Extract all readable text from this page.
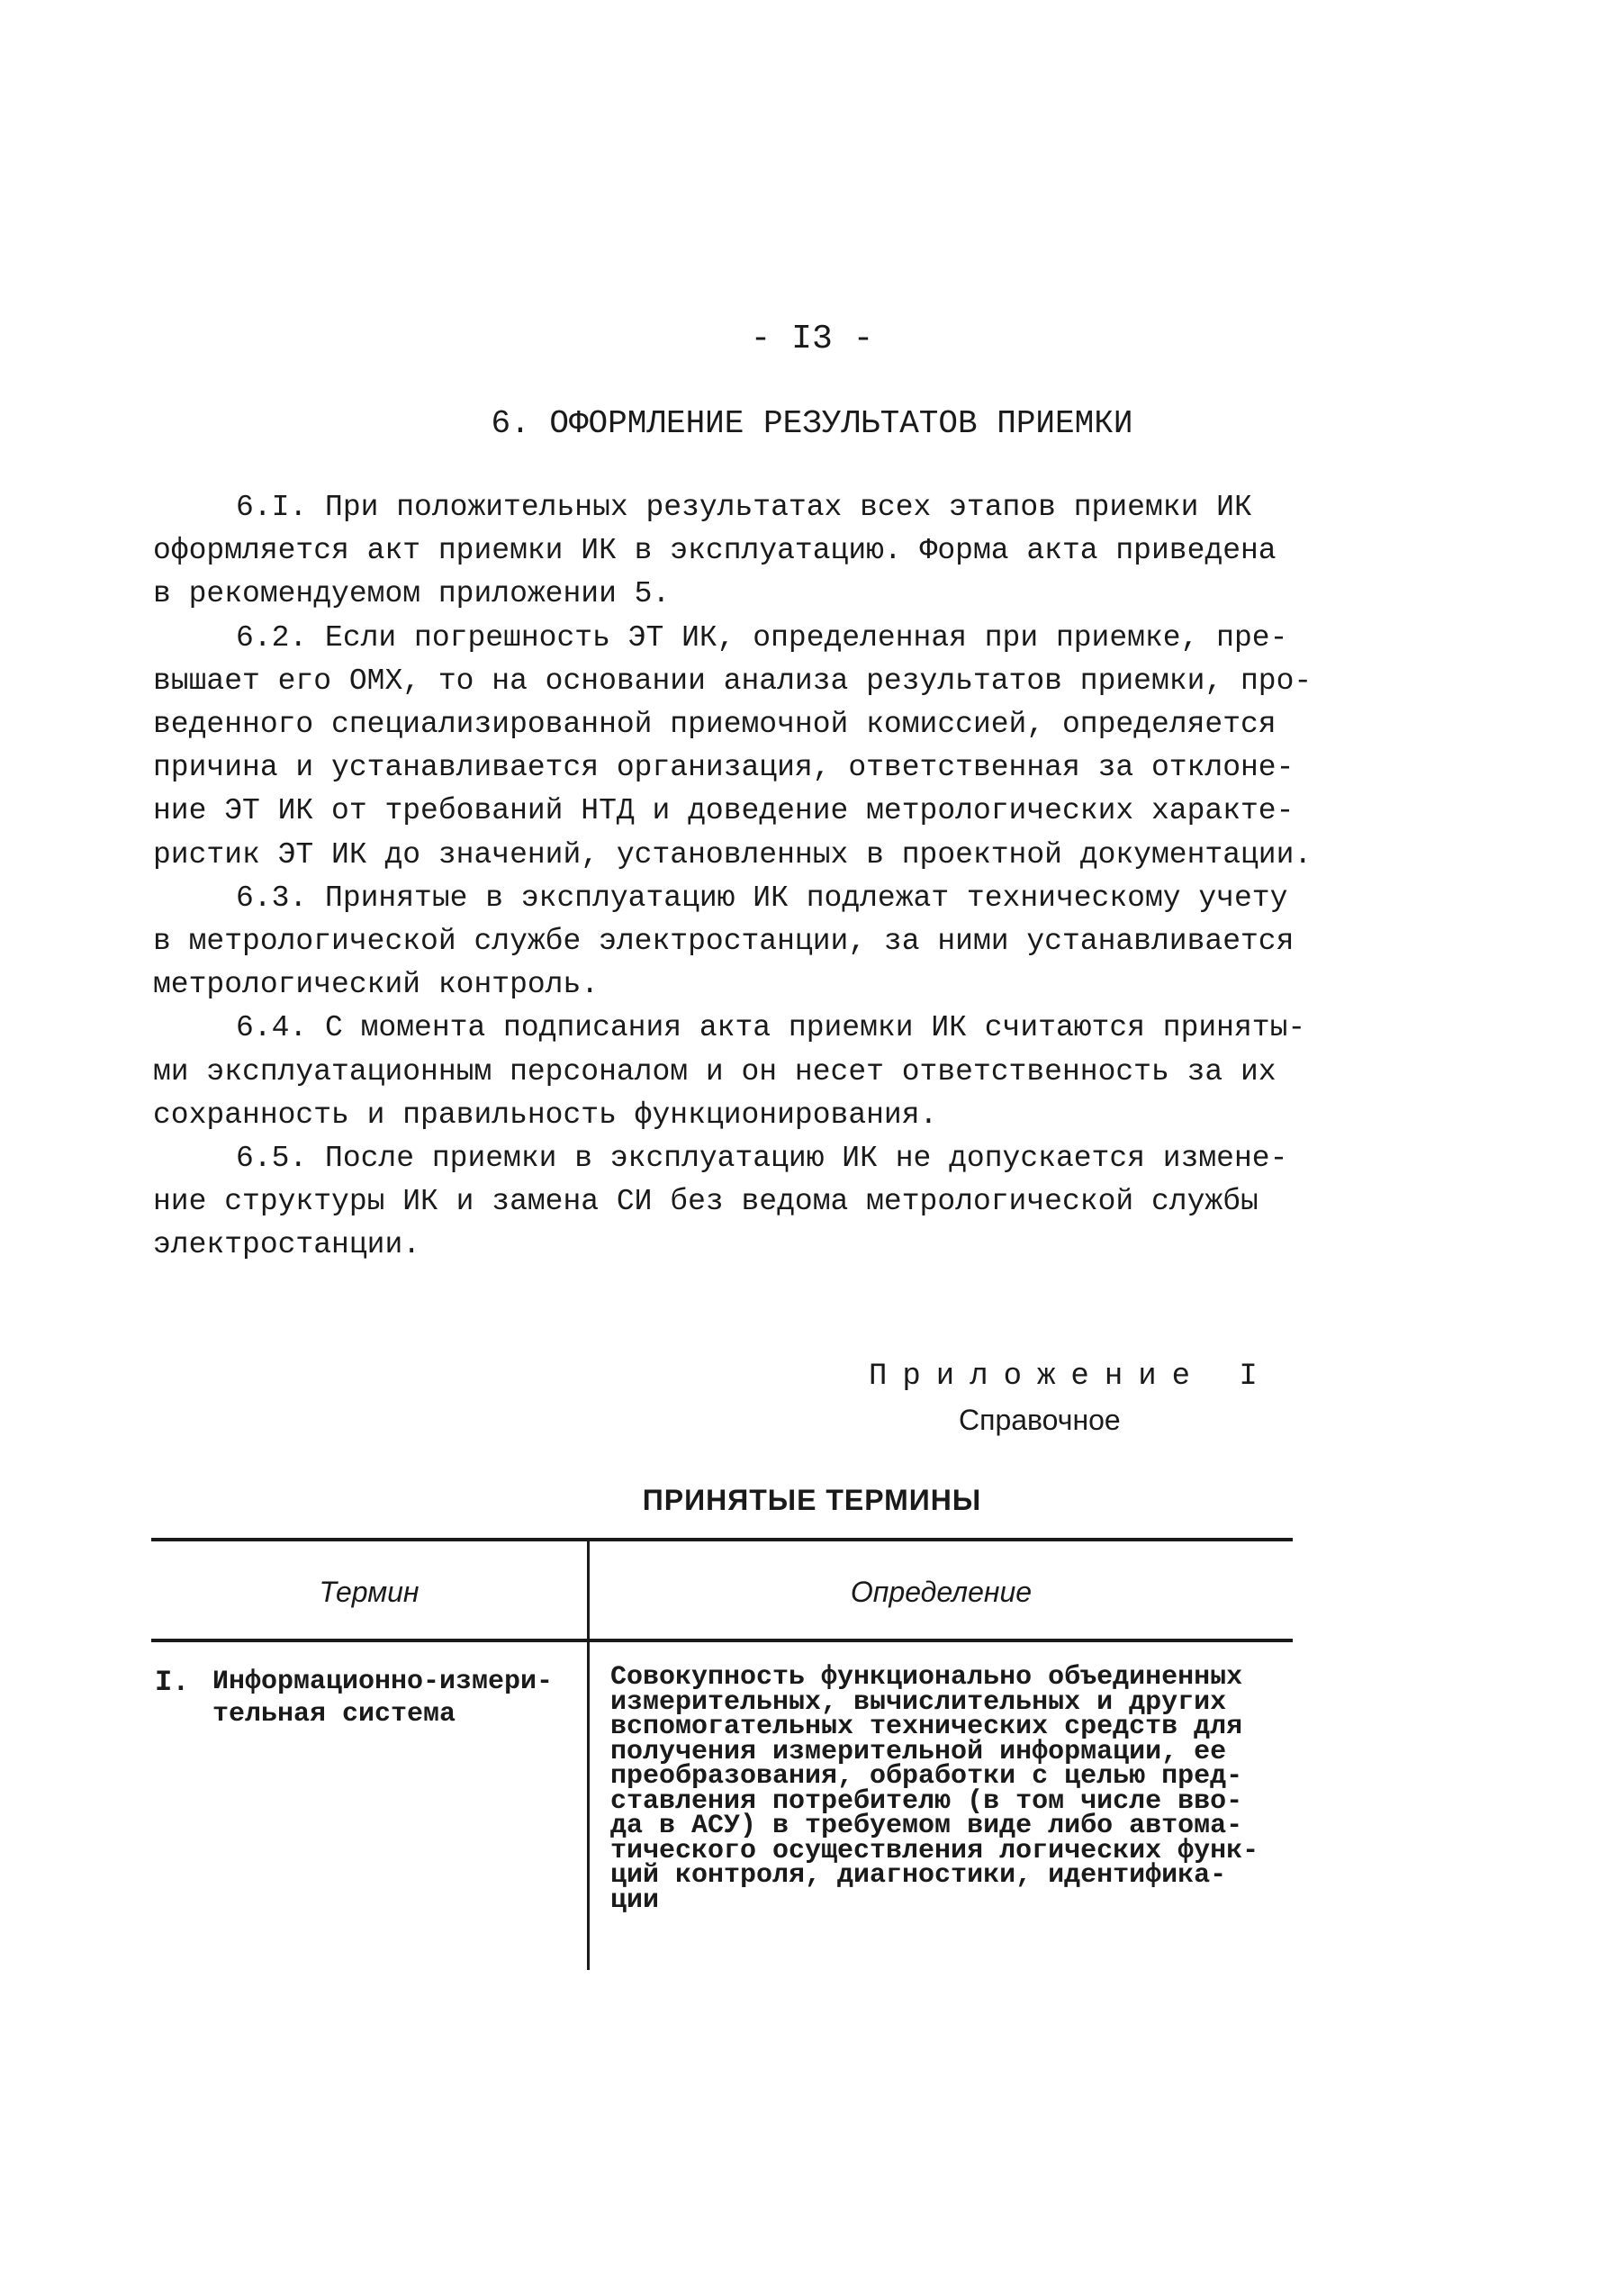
- I3 -
6. ОФОРМЛЕНИЕ РЕЗУЛЬТАТОВ ПРИЕМКИ
6.I. При положительных результатах всех этапов приемки ИК
оформляется акт приемки ИК в эксплуатацию. Форма акта приведена
в рекомендуемом приложении 5.
6.2. Если погрешность ЭТ ИК, определенная при приемке, пре-
вышает его ОМХ, то на основании анализа результатов приемки, про-
веденного специализированной приемочной комиссией, определяется
причина и устанавливается организация, ответственная за отклоне-
ние ЭТ ИК от требований НТД и доведение метрологических характе-
ристик ЭТ ИК до значений, установленных в проектной документации.
6.3. Принятые в эксплуатацию ИК подлежат техническому учету
в метрологической службе электростанции, за ними устанавливается
метрологический контроль.
6.4. С момента подписания акта приемки ИК считаются приняты-
ми эксплуатационным персоналом и он несет ответственность за их
сохранность и правильность функционирования.
6.5. После приемки в эксплуатацию ИК не допускается измене-
ние структуры ИК и замена СИ без ведома метрологической службы
электростанции.
Приложение I
Справочное
ПРИНЯТЫЕ ТЕРМИНЫ
Термин	Определение
I. Информационно-измери-
тельная система
Совокупность функционально объединенных
измерительных, вычислительных и других
вспомогательных технических средств для
получения измерительной информации, ее
преобразования, обработки с целью пред-
ставления потребителю (в том числе вво-
да в АСУ) в требуемом виде либо автома-
тического осуществления логических функ-
ций контроля, диагностики, идентифика-
ции
